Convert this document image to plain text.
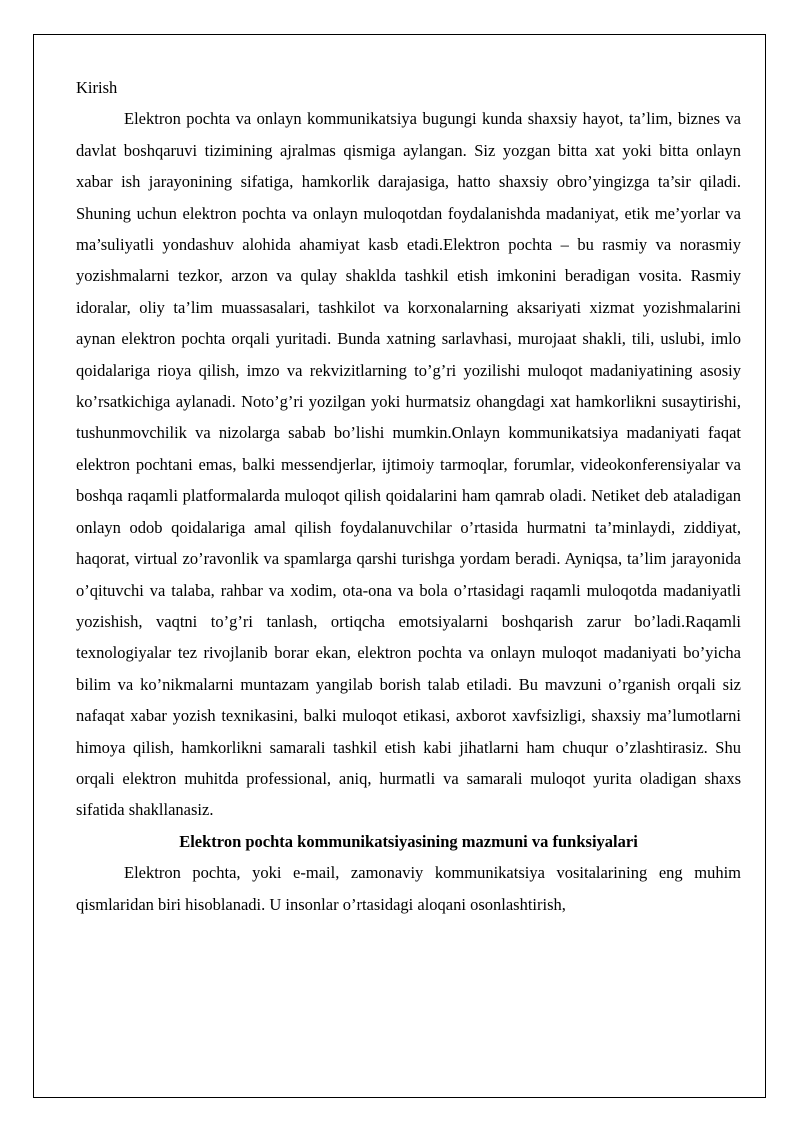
Kirish

Elektron pochta va onlayn kommunikatsiya bugungi kunda shaxsiy hayot, ta’lim, biznes va davlat boshqaruvi tizimining ajralmas qismiga aylangan. Siz yozgan bitta xat yoki bitta onlayn xabar ish jarayonining sifatiga, hamkorlik darajasiga, hatto shaxsiy obro’yingizga ta’sir qiladi. Shuning uchun elektron pochta va onlayn muloqotdan foydalanishda madaniyat, etik me’yorlar va ma’suliyatli yondashuv alohida ahamiyat kasb etadi.Elektron pochta – bu rasmiy va norasmiy yozishmalarni tezkor, arzon va qulay shaklda tashkil etish imkonini beradigan vosita. Rasmiy idoralar, oliy ta’lim muassasalari, tashkilot va korxonalarning aksariyati xizmat yozishmalarini aynan elektron pochta orqali yuritadi. Bunda xatning sarlavhasi, murojaat shakli, tili, uslubi, imlo qoidalariga rioya qilish, imzo va rekvizitlarning to’g’ri yozilishi muloqot madaniyatining asosiy ko’rsatkichiga aylanadi. Noto’g’ri yozilgan yoki hurmatsiz ohangdagi xat hamkorlikni susaytirishi, tushunmovchilik va nizolarga sabab bo’lishi mumkin.Onlayn kommunikatsiya madaniyati faqat elektron pochtani emas, balki messendjerlar, ijtimoiy tarmoqlar, forumlar, videokonferensiyalar va boshqa raqamli platformalarda muloqot qilish qoidalarini ham qamrab oladi. Netiket deb ataladigan onlayn odob qoidalariga amal qilish foydalanuvchilar o’rtasida hurmatni ta’minlaydi, ziddiyat, haqorat, virtual zo’ravonlik va spamlarga qarshi turishga yordam beradi. Ayniqsa, ta’lim jarayonida o’qituvchi va talaba, rahbar va xodim, ota-ona va bola o’rtasidagi raqamli muloqotda madaniyatli yozishish, vaqtni to’g’ri tanlash, ortiqcha emotsiyalarni boshqarish zarur bo’ladi.Raqamli texnologiyalar tez rivojlanib borar ekan, elektron pochta va onlayn muloqot madaniyati bo’yicha bilim va ko’nikmalarni muntazam yangilab borish talab etiladi. Bu mavzuni o’rganish orqali siz nafaqat xabar yozish texnikasini, balki muloqot etikasi, axborot xavfsizligi, shaxsiy ma’lumotlarni himoya qilish, hamkorlikni samarali tashkil etish kabi jihatlarni ham chuqur o’zlashtirasiz. Shu orqali elektron muhitda professional, aniq, hurmatli va samarali muloqot yurita oladigan shaxs sifatida shakllanasiz.

Elektron pochta kommunikatsiyasining mazmuni va funksiyalari

Elektron pochta, yoki e-mail, zamonaviy kommunikatsiya vositalarining eng muhim qismlaridan biri hisoblanadi. U insonlar o’rtasidagi aloqani osonlashtirish,
